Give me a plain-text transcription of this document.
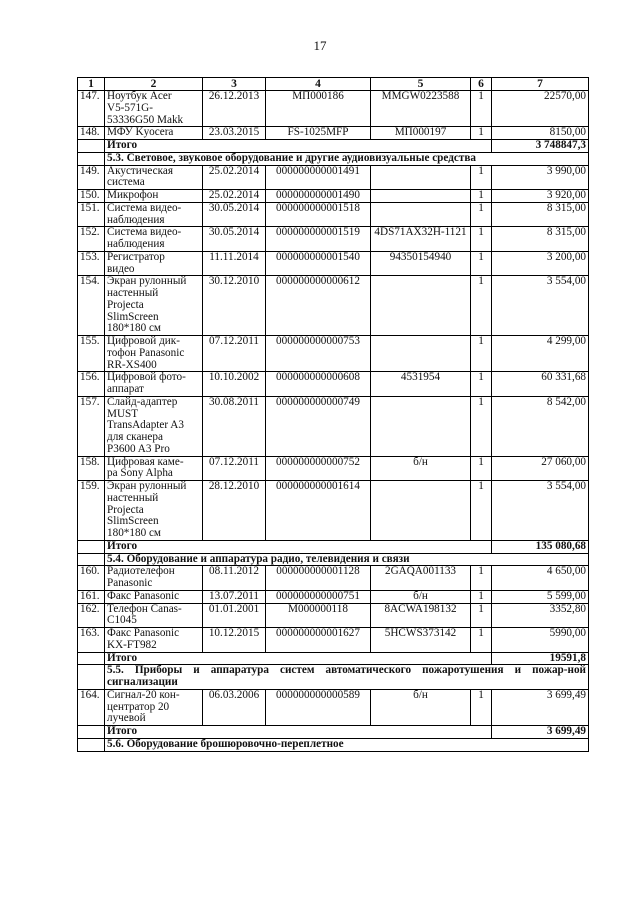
17
1	2	3	4	5	6	7
147.	Ноутбук Acer
V5-571G-
53336G50 Makk	26.12.2013	МП000186	MMGW0223588	1	22570,00
148.	МФУ Kyocera	23.03.2015	FS-1025MFP	МП000197	1	8150,00
	Итого					3 748847,3
	5.3. Световое, звуковое оборудование и другие аудиовизуальные средства					
149.	Акустическая
система	25.02.2014	000000000001491		1	3 990,00
150.	Микрофон	25.02.2014	000000000001490		1	3 920,00
151.	Система видео-
наблюдения	30.05.2014	000000000001518		1	8 315,00
152.	Система видео-
наблюдения	30.05.2014	000000000001519	4DS71AX32H-1121	1	8 315,00
153.	Регистратор
видео	11.11.2014	000000000001540	94350154940	1	3 200,00
154.	Экран рулонный
настенный
Projecta
SlimScreen
180*180 см	30.12.2010	000000000000612		1	3 554,00
155.	Цифровой дик-
тофон Panasonic
RR-XS400	07.12.2011	000000000000753		1	4 299,00
156.	Цифровой фото-
аппарат	10.10.2002	000000000000608	4531954	1	60 331,68
157.	Слайд-адаптер
MUST
TransAdapter A3
для сканера
P3600 A3 Pro	30.08.2011	000000000000749		1	8 542,00
158.	Цифровая каме-
ра Sony Alpha	07.12.2011	000000000000752	б/н	1	27 060,00
159.	Экран рулонный
настенный
Projecta
SlimScreen
180*180 см	28.12.2010	000000000001614		1	3 554,00
	Итого					135 080,68
	5.4. Оборудование и аппаратура радио, телевидения и связи					
160.	Радиотелефон
Panasonic	08.11.2012	000000000001128	2GAQA001133	1	4 650,00
161.	Факс Panasonic	13.07.2011	000000000000751	б/н	1	5 599,00
162.	Телефон Canas-
C1045	01.01.2001	М000000118	8ACWA198132	1	3352,80
163.	Факс Panasonic
KX-FT982	10.12.2015	000000000001627	5HCWS373142	1	5990,00
	Итого					19591,8
	5.5. Приборы и аппаратура систем автоматического пожаротушения и пожар-ной сигнализации					
164.	Сигнал-20 кон-
центратор 20
лучевой	06.03.2006	000000000000589	б/н	1	3 699,49
	Итого					3 699,49
	5.6. Оборудование брошюровочно-переплетное					
